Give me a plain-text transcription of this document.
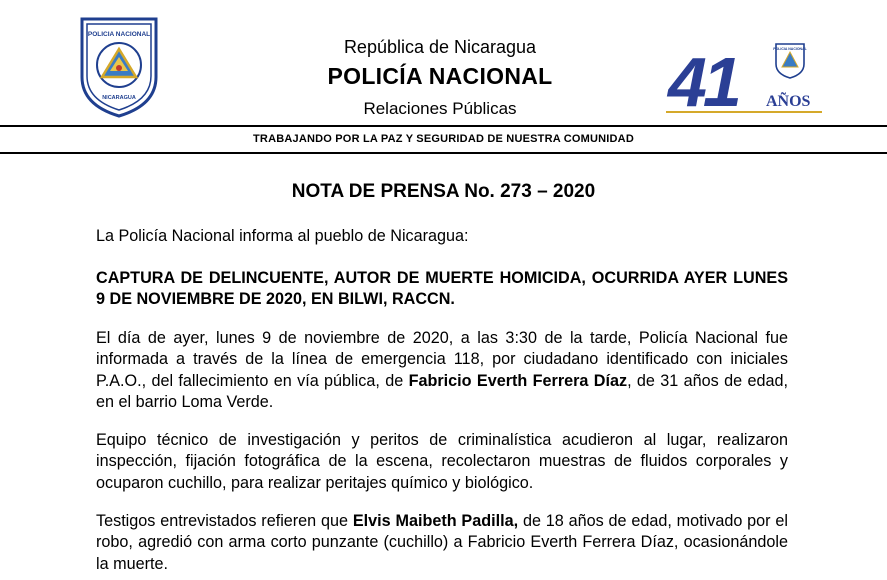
POLICIA NACIONAL
NICARAGUA
República de Nicaragua
POLICÍA NACIONAL
Relaciones Públicas	41	POLICIA NACIONAL
AÑOS
TRABAJANDO POR LA PAZ Y SEGURIDAD DE NUESTRA COMUNIDAD
NOTA DE PRENSA No. 273 – 2020
La Policía Nacional informa al pueblo de Nicaragua:
CAPTURA DE DELINCUENTE, AUTOR DE MUERTE HOMICIDA, OCURRIDA AYER LUNES 9 DE NOVIEMBRE DE 2020, EN BILWI, RACCN.
El día de ayer, lunes 9 de noviembre de 2020, a las 3:30 de la tarde, Policía Nacional fue informada a través de la línea de emergencia 118, por ciudadano identificado con iniciales P.A.O., del fallecimiento en vía pública, de Fabricio Everth Ferrera Díaz, de 31 años de edad, en el barrio Loma Verde.
Equipo técnico de investigación y peritos de criminalística acudieron al lugar, realizaron inspección, fijación fotográfica de la escena, recolectaron muestras de fluidos corporales y ocuparon cuchillo, para realizar peritajes químico y biológico.
Testigos entrevistados refieren que Elvis Maibeth Padilla, de 18 años de edad, motivado por el robo, agredió con arma corto punzante (cuchillo) a Fabricio Everth Ferrera Díaz, ocasionándole la muerte.
